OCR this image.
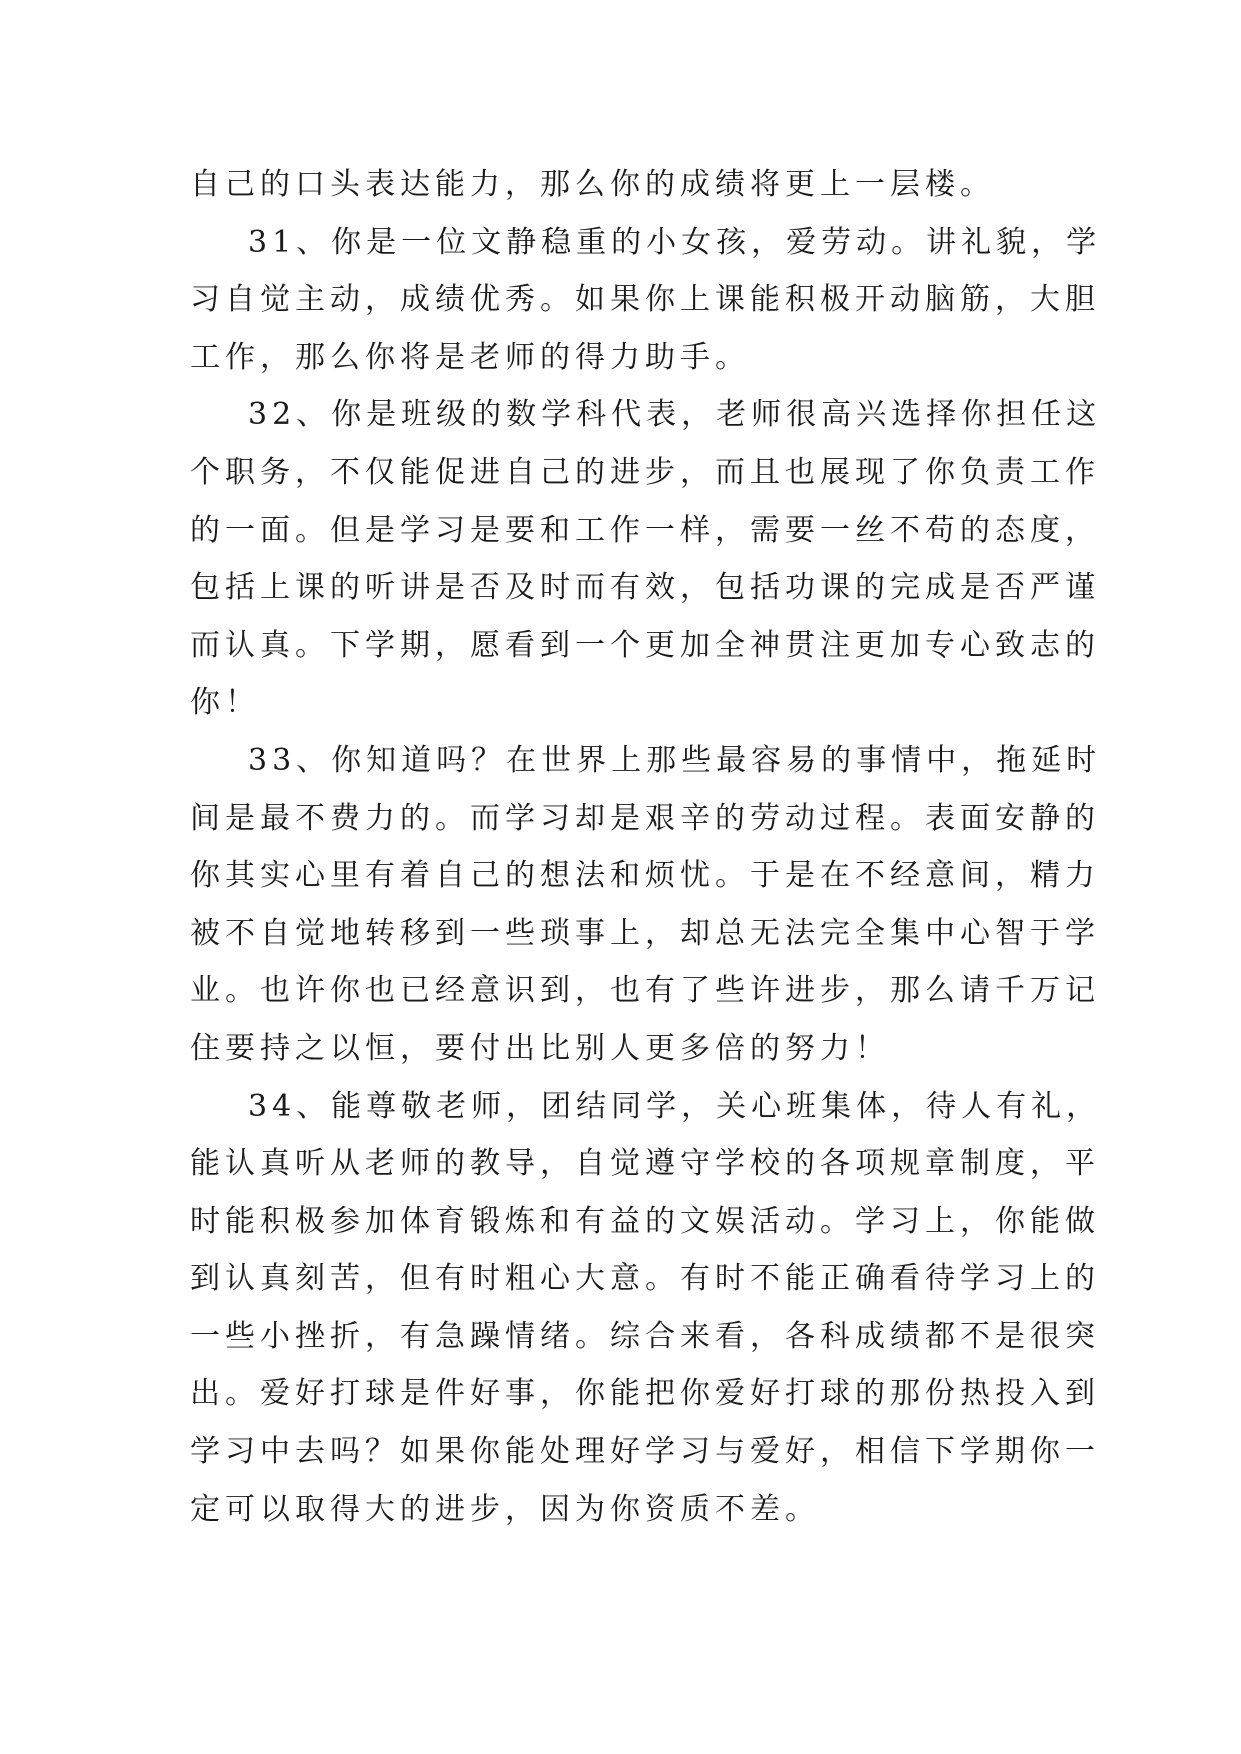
自己的口头表达能力，那么你的成绩将更上一层楼。

31、你是一位文静稳重的小女孩，爱劳动。讲礼貌，学
习自觉主动，成绩优秀。如果你上课能积极开动脑筋，大胆
工作，那么你将是老师的得力助手。

32、你是班级的数学科代表，老师很高兴选择你担任这
个职务，不仅能促进自己的进步，而且也展现了你负责工作
的一面。但是学习是要和工作一样，需要一丝不苟的态度，
包括上课的听讲是否及时而有效，包括功课的完成是否严谨
而认真。下学期，愿看到一个更加全神贯注更加专心致志的
你！

33、你知道吗？在世界上那些最容易的事情中，拖延时
间是最不费力的。而学习却是艰辛的劳动过程。表面安静的
你其实心里有着自己的想法和烦忧。于是在不经意间，精力
被不自觉地转移到一些琐事上，却总无法完全集中心智于学
业。也许你也已经意识到，也有了些许进步，那么请千万记
住要持之以恒，要付出比别人更多倍的努力！

34、能尊敬老师，团结同学，关心班集体，待人有礼，
能认真听从老师的教导，自觉遵守学校的各项规章制度，平
时能积极参加体育锻炼和有益的文娱活动。学习上，你能做
到认真刻苦，但有时粗心大意。有时不能正确看待学习上的
一些小挫折，有急躁情绪。综合来看，各科成绩都不是很突
出。爱好打球是件好事，你能把你爱好打球的那份热投入到
学习中去吗？如果你能处理好学习与爱好，相信下学期你一
定可以取得大的进步，因为你资质不差。
